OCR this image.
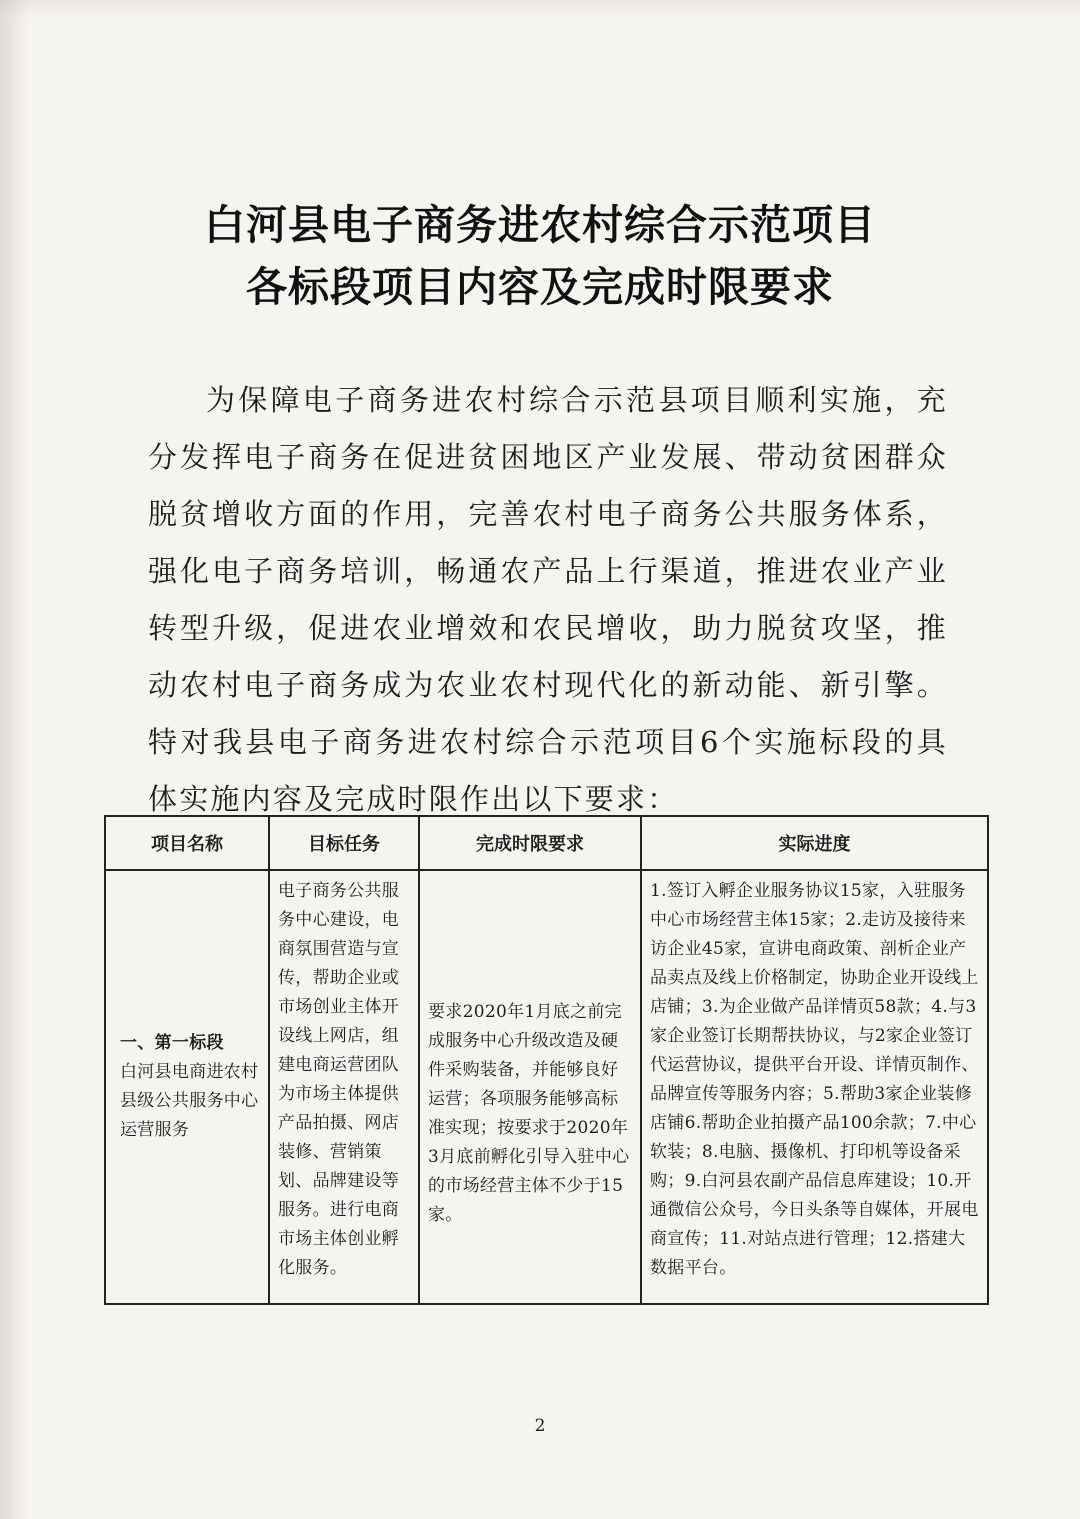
白河县电子商务进农村综合示范项目
各标段项目内容及完成时限要求

为保障电子商务进农村综合示范县项目顺利实施，充分发挥电子商务在促进贫困地区产业发展、带动贫困群众脱贫增收方面的作用，完善农村电子商务公共服务体系，强化电子商务培训，畅通农产品上行渠道，推进农业产业转型升级，促进农业增效和农民增收，助力脱贫攻坚，推动农村电子商务成为农业农村现代化的新动能、新引擎。特对我县电子商务进农村综合示范项目6个实施标段的具体实施内容及完成时限作出以下要求：

项目名称	目标任务	完成时限要求	实际进度

一、第一标段
白河县电商进农村县级公共服务中心运营服务	电子商务公共服务中心建设，电商氛围营造与宣传，帮助企业或市场创业主体开设线上网店，组建电商运营团队为市场主体提供产品拍摄、网店装修、营销策划、品牌建设等服务。进行电商市场主体创业孵化服务。	要求2020年1月底之前完成服务中心升级改造及硬件采购装备，并能够良好运营；各项服务能够高标准实现；按要求于2020年3月底前孵化引导入驻中心的市场经营主体不少于15家。	1.签订入孵企业服务协议15家，入驻服务中心市场经营主体15家；2.走访及接待来访企业45家，宣讲电商政策、剖析企业产品卖点及线上价格制定，协助企业开设线上店铺；3.为企业做产品详情页58款；4.与3家企业签订长期帮扶协议，与2家企业签订代运营协议，提供平台开设、详情页制作、品牌宣传等服务内容；5.帮助3家企业装修店铺6.帮助企业拍摄产品100余款；7.中心软装；8.电脑、摄像机、打印机等设备采购；9.白河县农副产品信息库建设；10.开通微信公众号，今日头条等自媒体，开展电商宣传；11.对站点进行管理；12.搭建大数据平台。
2
